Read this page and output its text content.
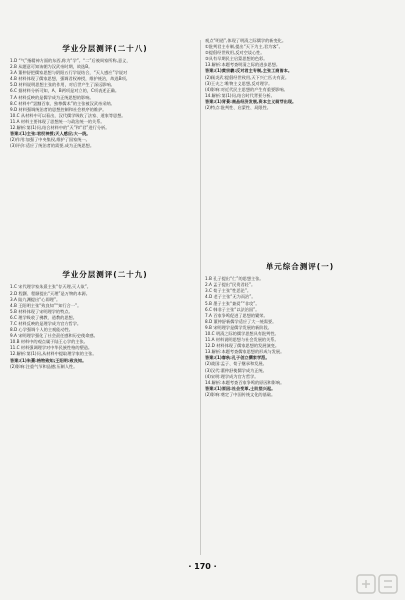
学业分层测评(二十八)

1.D “气”指精神方面的东西,称为“学”。“二”后被周家所称,意义，

2.B 从题意可知该朝为汉武帝时期，故选B。

3.A 董仲舒把儒家思想与阴阳五行学说结合，“天人感应”学说对

4.B 材料体现了儒家思想，强调君权神授，维护统治，故选B项。

5.D 材料说明思想主张的作用，对后世产生了深远影响。

6.C 据材料分析可知，A、B两项是对立的，C项表述正确。

7.A 材料反映的是儒学成为正统思想的影响。

8.C 材料中“罢黜百家、独尊儒术”的主张被汉武帝采纳。

9.D 材料强调统治者的思想控制和社会秩序的维护。

10.C 从材料中可以看出，汉代儒学吸收了法家、道家等思想。

11.A 材料主要体现了思想统一与政治统一的关系。

12.解析:第(1)问,结合材料中的“天”和“君”进行分析。

答案:(1)主张:君权神授;天人感应;大一统。

(2)作用:加强了中央集权,维护了国家统一。

(3)评价:适应了统治者的需要,成为正统思想。

学业分层测评(二十九)

1.C 宋代理学家朱熹主张“存天理,灭人欲”。

2.D 程颢、程颐提出“天理”是万物的本源。

3.A 陆九渊提出“心即理”。

4.B 王阳明主张“致良知”“知行合一”。

5.B 材料体现了宋明理学的特点。

6.C 理学吸收了佛教、道教的思想。

7.C 材料反映的是理学成为官方哲学。

8.D 心学强调个人的主观能动性。

9.A 宋明理学强化了社会责任感和历史使命感。

10.B 材料中的观点属于陆王心学的主张。

11.C 材料强调理学对中华民族性格的塑造。

12.解析:第(1)问,从材料中提取理学家的主张。

答案:(1)朱熹:格物致知;王阳明:致良知。

(2)影响:注重气节和品德;压制人性。

观点“明道”,体现了明清之际儒学的新变化。

①批判君主专制,提出“天下为主,君为客”。

②提倡经世致用,反对空谈心性。

③具有早期民主启蒙思想的色彩。

13.解析:本题考查明清之际的进步思想。

答案:(1)黄宗羲:反对君主专制,主张工商皆本。

(2)顾炎武:提倡经世致用,天下兴亡匹夫有责。

(3)王夫之:唯物主义思想,反对理学。

(4)影响:对近代民主思想的产生有重要影响。

14.解析:第(1)问,结合时代背景分析。

答案:(1)背景:商品经济发展,资本主义萌芽出现。

(2)特点:批判性、启蒙性、局限性。

单元综合测评(一)

1.B 孔子提出“仁”的思想主张。

2.A 孟子提出“民贵君轻”。

3.C 荀子主张“性恶论”。

4.D 老子主张“无为而治”。

5.B 墨子主张“兼爱”“非攻”。

6.C 韩非子主张“以法治国”。

7.A 百家争鸣促进了思想的繁荣。

8.D 董仲舒新儒学适应了大一统需要。

9.B 宋明理学是儒学发展的新阶段。

10.C 明清之际的儒学思想具有批判性。

11.A 材料说明思想与社会发展的关系。

12.D 材料体现了儒家思想的发展演变。

13.解析:本题考查儒家思想的形成与发展。

答案:(1)春秋:孔子创立儒家学派。

(2)战国:孟子、荀子继承和发展。

(3)汉代:董仲舒使儒学成为正统。

(4)宋明:理学成为官方哲学。

14.解析:本题考查百家争鸣的原因和影响。

答案:(1)原因:社会变革,士阶层兴起。

(2)影响:奠定了中国传统文化的基础。

· 170 ·
